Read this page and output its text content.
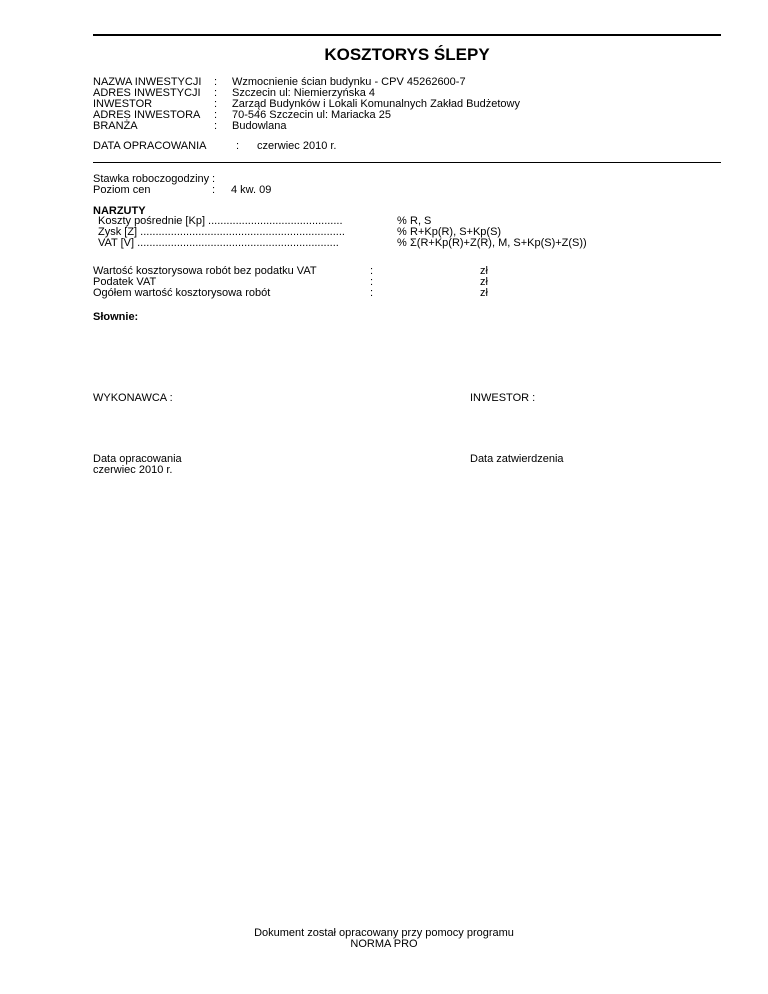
KOSZTORYS ŚLEPY
NAZWA INWESTYCJI : Wzmocnienie ścian budynku - CPV 45262600-7
ADRES INWESTYCJI : Szczecin ul: Niemierzyńska 4
INWESTOR	: Zarząd Budynków i Lokali Komunalnych Zakład Budżetowy
ADRES INWESTORA : 70-546 Szczecin ul: Mariacka 25
BRANŻA	: Budowlana
DATA OPRACOWANIA	: czerwiec 2010 r.
Stawka roboczogodziny :
Poziom cen	: 4 kw. 09
NARZUTY
Koszty pośrednie [Kp] ............................................	% R, S
Zysk [Z] ...................................................................	% R+Kp(R), S+Kp(S)
VAT [V] ..................................................................	% Σ(R+Kp(R)+Z(R), M, S+Kp(S)+Z(S))
Wartość kosztorysowa robót bez podatku VAT	:	zł
Podatek VAT	:	zł
Ogółem wartość kosztorysowa robót	:	zł
Słownie:
WYKONAWCA :	INWESTOR :
Data opracowania
czerwiec 2010 r.
Data zatwierdzenia
Dokument został opracowany przy pomocy programu
NORMA PRO
